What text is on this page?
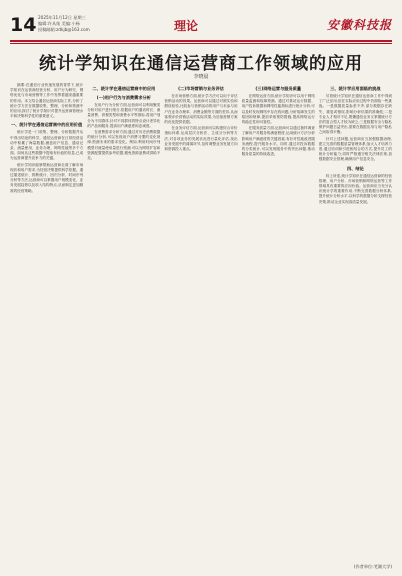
14 2025年11月12日 星期三
编辑:许从灿 美编:小杨
投稿邮箱:zdkjb@163.com	理论	安徽科技报
统计学知识在通信运营商工作领域的应用
李晓晨

摘要:在通信行业快速发展的背景下,统计学知识在运营商经营分析、用户行为研究、网络优化与市场营销等工作中发挥着越来越重要的作用。本文结合通信运营商实际工作,分析了统计学方法在数据收集、整理、分析和预测中的应用,探讨了统计学知识对提升运营商管理水平和决策科学性的重要意义。

一、统计学在通信运营商中的应用价值

统计学是一门收集、整理、分析数据并从中得出结论的科学。通信运营商在日常经营活动中积累了海量数据,涵盖用户信息、通话记录、流量使用、业务办理、网络性能等多个方面。如何从这些数据中提取有价值的信息,已成为运营商提升竞争力的关键。

统计学知识能够帮助运营商全面了解市场现状和用户需求,为经营决策提供科学依据。通过描述统计、推断统计、回归分析、时间序列分析等方法,运营商可以掌握用户规模变化、业务发展趋势以及收入结构特点,从而制定更加精准的经营策略。

二、统计学在通信运营商中的应用
(一)用户行为与消费需求分析

在用户行为分析方面,运营商可以利用聚类分析对用户进行细分,依据用户的通话时长、流量消费、套餐类型和消费水平等指标,将用户划分为不同群体,针对不同群体的特点设计差异化的产品和服务,提高用户满意度和忠诚度。

在消费需求分析方面,通过对历史消费数据的统计分析,可以发现用户消费习惯的变化规律,预测未来的需求变化。例如,利用时间序列模型对流量使用量进行预测,可以为网络扩容和资源配置提供参考依据,避免资源浪费或供给不足。

(二)市场营销与业务评估

在市场营销方面,统计学方法可以用于评估营销活动的效果。运营商可以通过对照实验和假设检验,比较参与营销活动的用户与未参与用户在业务办理率、消费金额等方面的差异,从而客观评价营销活动的实际效果,为后续营销方案的优化提供依据。

在业务评估方面,运营商可以构建综合评价指标体系,运用层次分析法、主成分分析等方法,对各项业务的发展状况进行量化评估,找出业务发展中的薄弱环节,及时调整业务发展方向和资源投入重点。

(三)网络运营与服务质量

在网络运营方面,统计学知识可以用于网络质量监测和故障预测。通过对基站运行数据、用户投诉数据和网络性能指标进行统计分析,可以及时发现网络中存在的问题,分析故障发生的原因和规律,提前采取预防措施,提高网络运行的稳定性和可靠性。

在服务质量方面,运营商可以通过抽样调查了解用户对服务的满意程度,运用统计方法分析影响用户满意度的关键因素,有针对性地改进服务流程,提升服务水平。同时,通过对投诉数据的分类统计,可以发现服务中的突出问题,推动服务质量的持续改进。

三、统计学应用面临的挑战

尽管统计学知识在通信运营商工作中得到了广泛应用,但在实际应用过程中仍面临一些挑战。一是数据质量参差不齐,部分数据存在缺失、重复或错误,影响分析结果的准确性;二是专业人才相对不足,既懂通信业务又掌握统计方法的复合型人才较为缺乏;三是数据安全与隐私保护问题日益突出,需要在数据应用与用户隐私之间取得平衡。

针对上述问题,运营商应当加强数据治理,建立完善的数据质量管理体系;加大人才培养力度,通过培训和引进相结合的方式,提升员工的统计分析能力;同时严格遵守相关法律法规,加强数据安全管理,确保用户信息安全。

四、结论

综上所述,统计学知识在通信运营商的经营管理、用户分析、市场营销和网络运营等工作领域具有重要的应用价值。运营商应当充分认识统计学的重要作用,不断完善数据分析体系,提升统计分析水平,以科学的数据分析支撑经营决策,推动企业实现高质量发展。

(作者单位:芜湖大学)
